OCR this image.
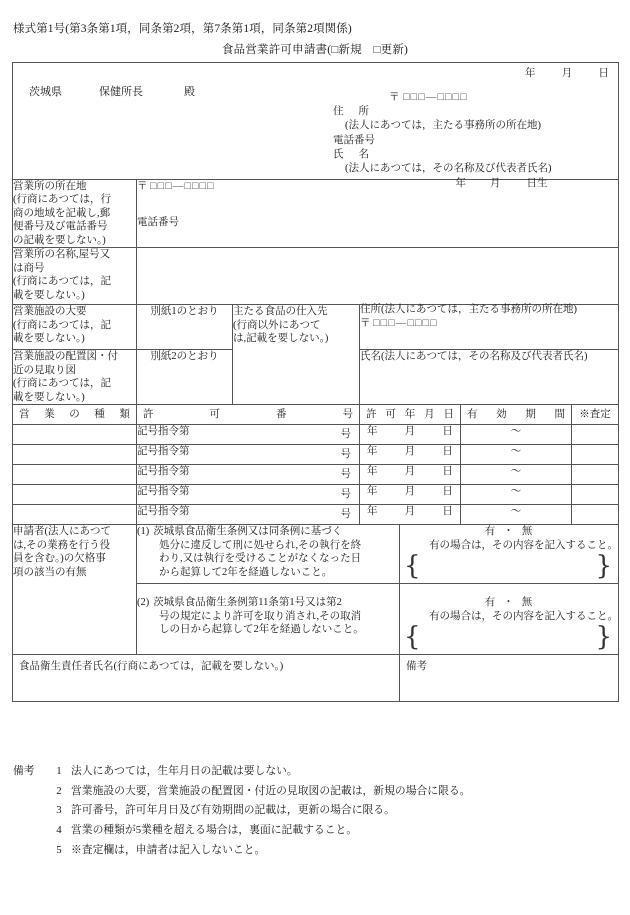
様式第1号(第3条第1項，同条第2項，第7条第1項，同条第2項関係)
食品営業許可申請書(□新規　□更新)
年 月 日
茨城県	保健所長	殿	〒 □□□—□□□□
住　所
(法人にあつては，主たる事務所の所在地)
電話番号
氏　名
(法人にあつては，その名称及び代表者氏名)
年 月 日生

営業所の所在地
(行商にあつては，行
商の地域を記載し,郵
便番号及び電話番号
の記載を要しない。)

〒 □□□—□□□□
電話番号

営業所の名称,屋号又
は商号
(行商にあつては，記
載を要しない。)						

営業施設の大要
(行商にあつては，記
載を要しない。)
	別紙1のとおり	主たる食品の仕入先
(行商以外にあつて
は,記載を要しない。)

住所(法人にあつては，主たる事務所の所在地)
〒 □□□—□□□□

営業施設の配置図・付
近の見取り図
(行商にあつては，記
載を要しない。)	別紙2のとおり		氏名(法人にあつては，その名称及び代表者氏名)			

営業の種類	許可番号		許可年月日		有効期間	※査定
	記号指令第 号		年 月 日		～	
	記号指令第 号		年 月 日		～	
	記号指令第 号		年 月 日		～	
	記号指令第 号		年 月 日		～	
	記号指令第 号		年 月 日		～	

申請者(法人にあつて
は,その業務を行う役
員を含む。)の欠格事
項の該当の有無

(1) 茨城県食品衛生条例又は同条例に基づく
処分に違反して刑に処せられ,その執行を終
わり,又は執行を受けることがなくなった日
から起算して2年を経過しないこと。

有 ・ 無
有の場合は，その内容を記入すること。
{	}

(2) 茨城県食品衛生条例第11条第1号又は第2
号の規定により許可を取り消され,その取消
しの日から起算して2年を経過しないこと。

有 ・ 無
有の場合は，その内容を記入すること。
{	}

食品衛生責任者氏名(行商にあつては，記載を要しない。)				備考		
備考 1 法人にあつては，生年月日の記載は要しない。
2 営業施設の大要，営業施設の配置図・付近の見取図の記載は，新規の場合に限る。
3 許可番号，許可年月日及び有効期間の記載は，更新の場合に限る。
4 営業の種類が5業種を超える場合は，裏面に記載すること。
5 ※査定欄は，申請者は記入しないこと。
